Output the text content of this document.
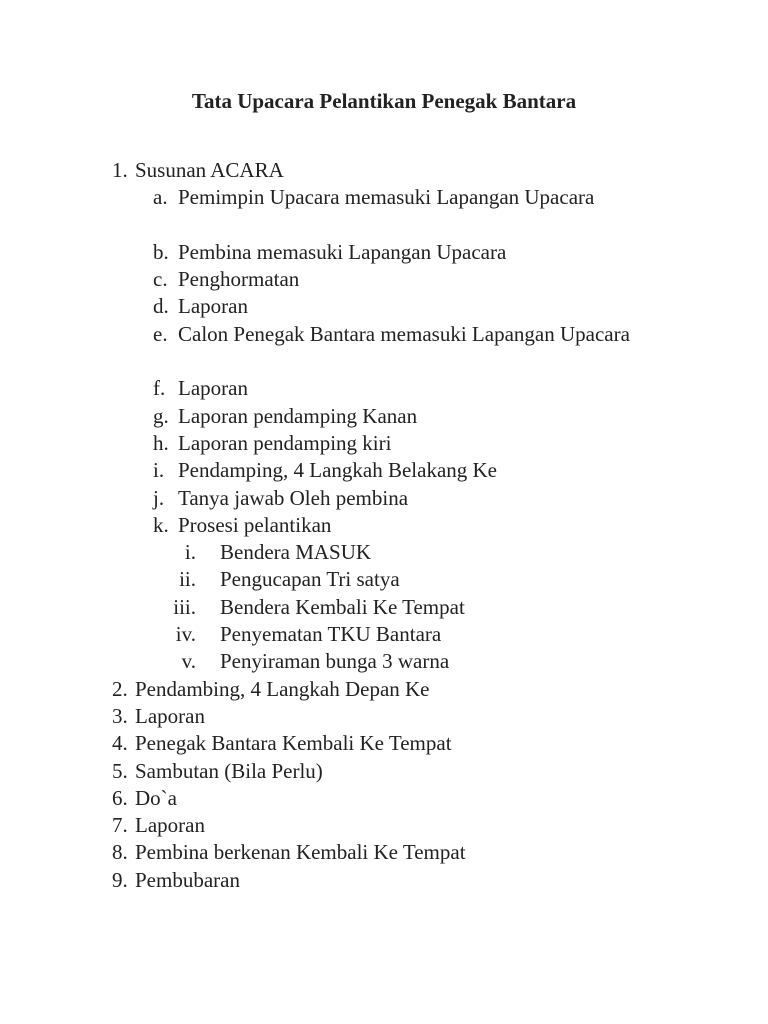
Tata Upacara Pelantikan Penegak Bantara
1. Susunan ACARA
a. Pemimpin Upacara memasuki Lapangan Upacara
b. Pembina memasuki Lapangan Upacara
c. Penghormatan
d. Laporan
e. Calon Penegak Bantara memasuki Lapangan Upacara
f. Laporan
g. Laporan pendamping Kanan
h. Laporan pendamping kiri
i. Pendamping, 4 Langkah Belakang Ke
j. Tanya jawab Oleh pembina
k. Prosesi pelantikan
i. Bendera MASUK
ii. Pengucapan Tri satya
iii. Bendera Kembali Ke Tempat
iv. Penyematan TKU Bantara
v. Penyiraman bunga 3 warna
2. Pendambing, 4 Langkah Depan Ke
3. Laporan
4. Penegak Bantara Kembali Ke Tempat
5. Sambutan (Bila Perlu)
6. Do`a
7. Laporan
8. Pembina berkenan Kembali Ke Tempat
9. Pembubaran
